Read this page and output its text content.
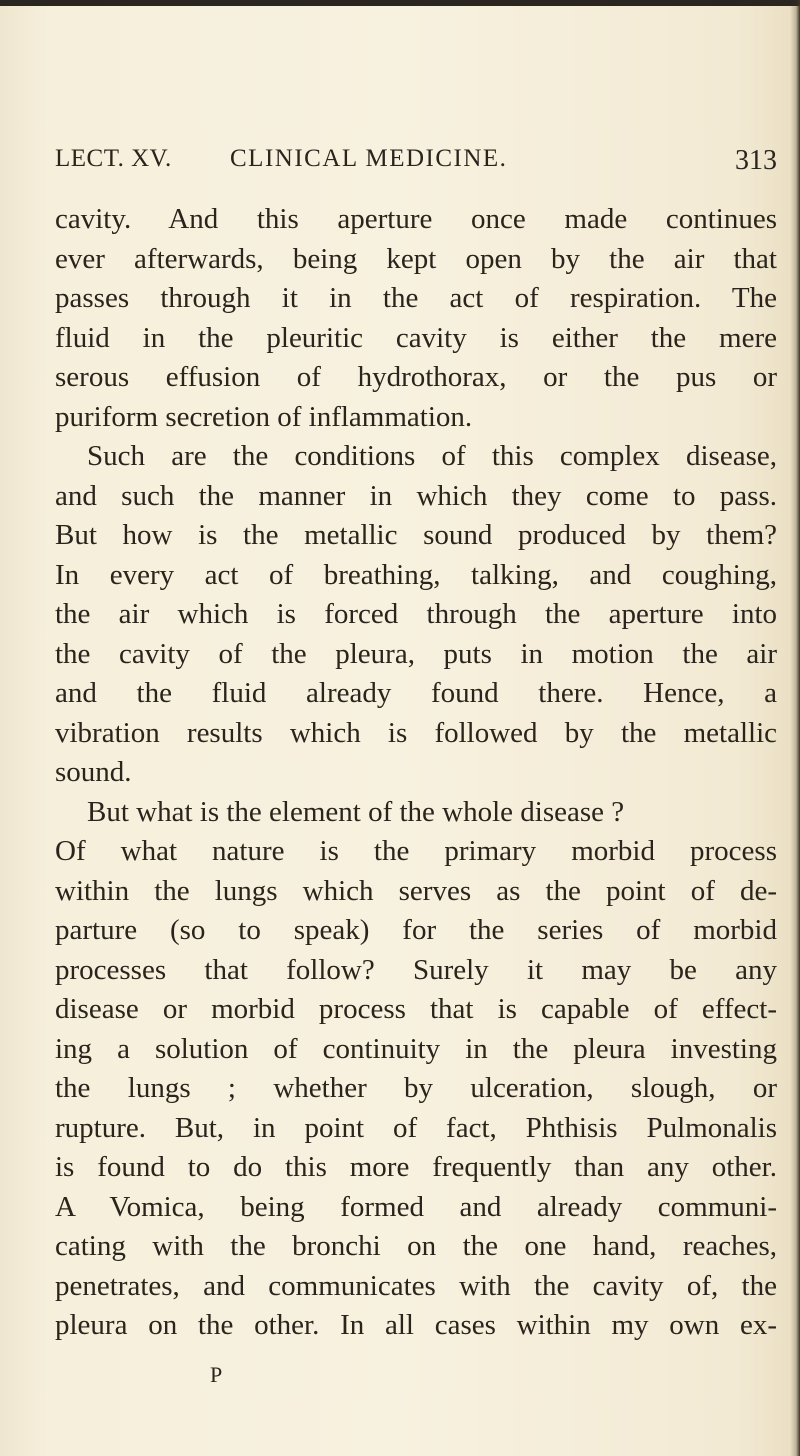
LECT. XV. CLINICAL MEDICINE.	313
cavity. And this aperture once made continues
ever afterwards, being kept open by the air that
passes through it in the act of respiration. The
fluid in the pleuritic cavity is either the mere
serous effusion of hydrothorax, or the pus or
puriform secretion of inflammation.
Such are the conditions of this complex disease,
and such the manner in which they come to pass.
But how is the metallic sound produced by them?
In every act of breathing, talking, and coughing,
the air which is forced through the aperture into
the cavity of the pleura, puts in motion the air
and the fluid already found there. Hence, a
vibration results which is followed by the metallic
sound.
But what is the element of the whole disease ?
Of what nature is the primary morbid process
within the lungs which serves as the point of de-
parture (so to speak) for the series of morbid
processes that follow? Surely it may be any
disease or morbid process that is capable of effect-
ing a solution of continuity in the pleura investing
the lungs ; whether by ulceration, slough, or
rupture. But, in point of fact, Phthisis Pulmonalis
is found to do this more frequently than any other.
A Vomica, being formed and already communi-
cating with the bronchi on the one hand, reaches,
penetrates, and communicates with the cavity of, the
pleura on the other. In all cases within my own ex-
P
